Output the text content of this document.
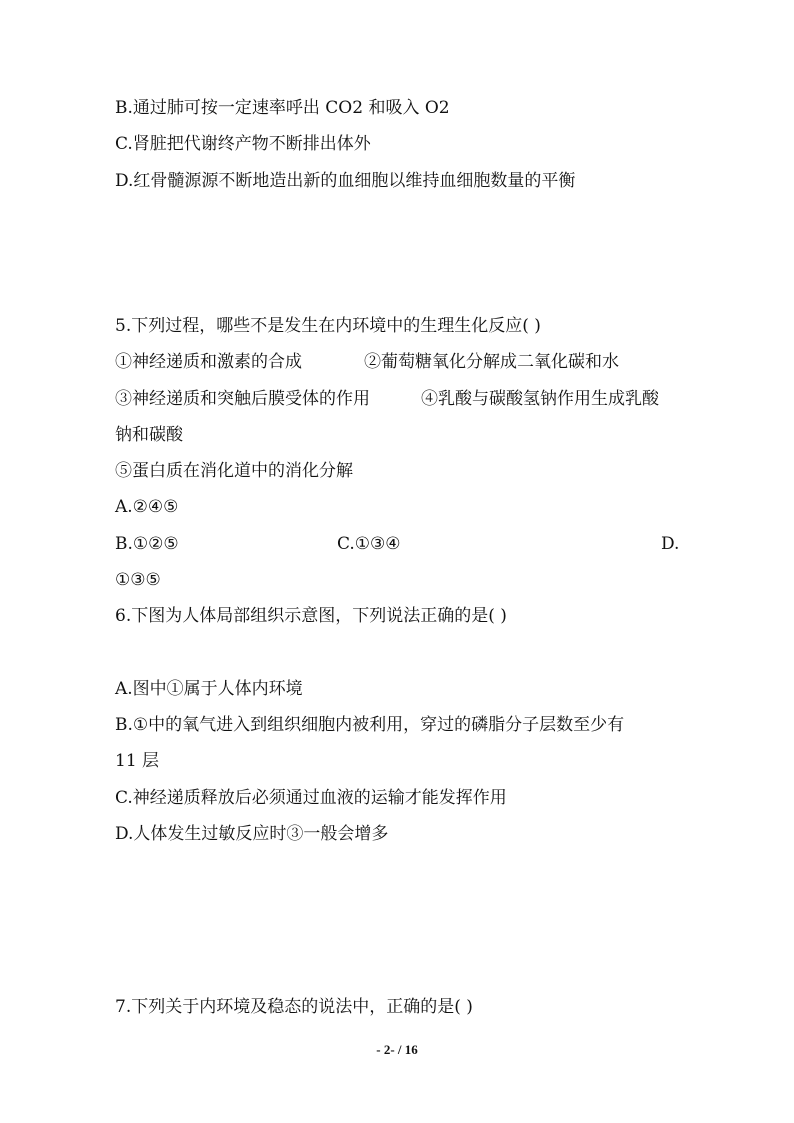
B.通过肺可按一定速率呼出 CO2 和吸入 O2
C.肾脏把代谢终产物不断排出体外
D.红骨髓源源不断地造出新的血细胞以维持血细胞数量的平衡
5.下列过程，哪些不是发生在内环境中的生理生化反应( )
①神经递质和激素的合成	②葡萄糖氧化分解成二氧化碳和水
③神经递质和突触后膜受体的作用	④乳酸与碳酸氢钠作用生成乳酸
钠和碳酸
⑤蛋白质在消化道中的消化分解
A.②④⑤
B.①②⑤	C.①③④	D.
①③⑤
6.下图为人体局部组织示意图，下列说法正确的是( )
A.图中①属于人体内环境
B.①中的氧气进入到组织细胞内被利用，穿过的磷脂分子层数至少有
11 层
C.神经递质释放后必须通过血液的运输才能发挥作用
D.人体发生过敏反应时③一般会增多
7.下列关于内环境及稳态的说法中，正确的是( )
- 2- / 16
